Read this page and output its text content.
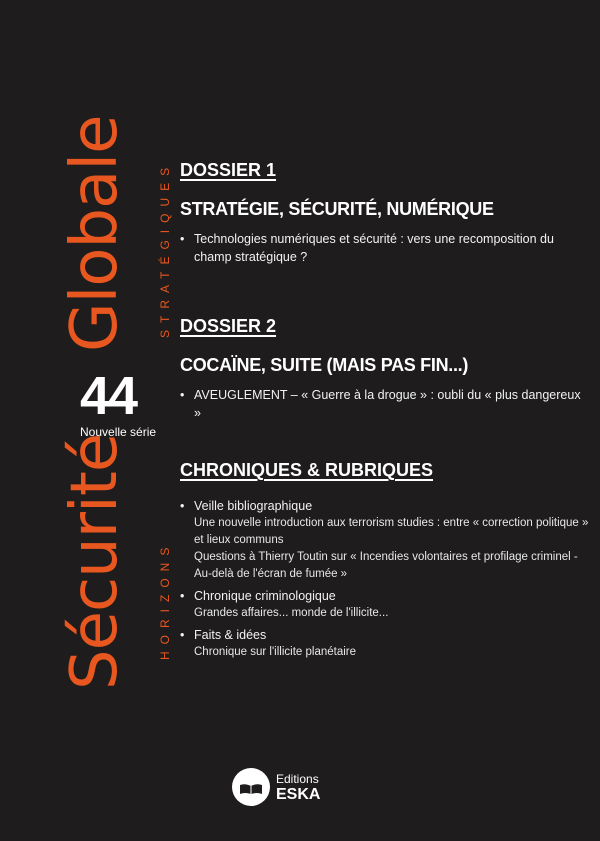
Sécurité
Globale
HORIZONS
STRATÉGIQUES
44
Nouvelle série
DOSSIER 1
STRATÉGIE, SÉCURITÉ, NUMÉRIQUE
• Technologies numériques et sécurité : vers une recomposition du champ stratégique ?
DOSSIER 2
COCAÏNE, SUITE (MAIS PAS FIN...)
• AVEUGLEMENT – « Guerre à la drogue » : oubli du « plus dangereux »
CHRONIQUES & RUBRIQUES
• Veille bibliographique
Une nouvelle introduction aux terrorism studies : entre « correction politique » et lieux communs
Questions à Thierry Toutin sur « Incendies volontaires et profilage criminel - Au-delà de l'écran de fumée »
• Chronique criminologique
Grandes affaires... monde de l'illicite...
• Faits & idées
Chronique sur l'illicite planétaire
Editions
ESKA
